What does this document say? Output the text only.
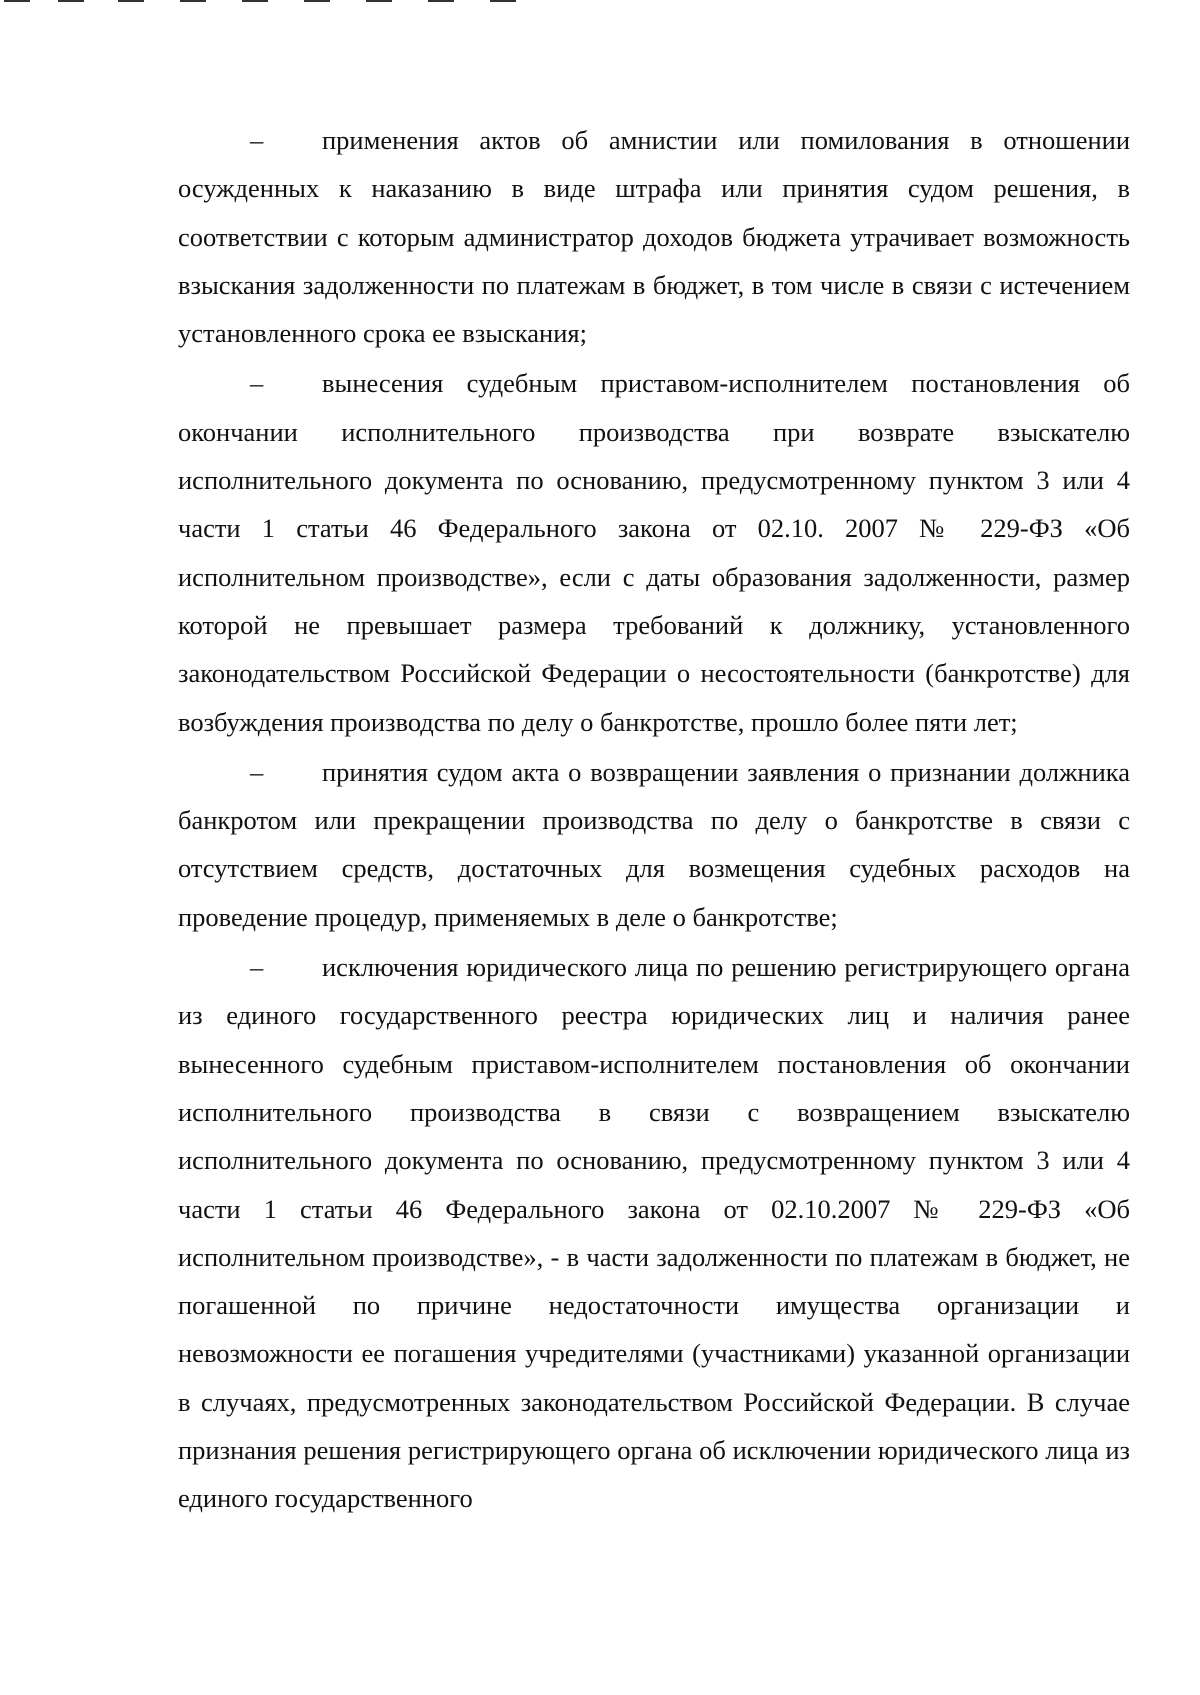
– применения актов об амнистии или помилования в отношении осужденных к наказанию в виде штрафа или принятия судом решения, в соответствии с которым администратор доходов бюджета утрачивает возможность взыскания задолженности по платежам в бюджет, в том числе в связи с истечением установленного срока ее взыскания;

– вынесения судебным приставом-исполнителем постановления об окончании исполнительного производства при возврате взыскателю исполнительного документа по основанию, предусмотренному пунктом 3 или 4 части 1 статьи 46 Федерального закона от 02.10. 2007 № 229-ФЗ «Об исполнительном производстве», если с даты образования задолженности, размер которой не превышает размера требований к должнику, установленного законодательством Российской Федерации о несостоятельности (банкротстве) для возбуждения производства по делу о банкротстве, прошло более пяти лет;

– принятия судом акта о возвращении заявления о признании должника банкротом или прекращении производства по делу о банкротстве в связи с отсутствием средств, достаточных для возмещения судебных расходов на проведение процедур, применяемых в деле о банкротстве;

– исключения юридического лица по решению регистрирующего органа из единого государственного реестра юридических лиц и наличия ранее вынесенного судебным приставом-исполнителем постановления об окончании исполнительного производства в связи с возвращением взыскателю исполнительного документа по основанию, предусмотренному пунктом 3 или 4 части 1 статьи 46 Федерального закона от 02.10.2007 № 229-ФЗ «Об исполнительном производстве», - в части задолженности по платежам в бюджет, не погашенной по причине недостаточности имущества организации и невозможности ее погашения учредителями (участниками) указанной организации в случаях, предусмотренных законодательством Российской Федерации. В случае признания решения регистрирующего органа об исключении юридического лица из единого государственного
